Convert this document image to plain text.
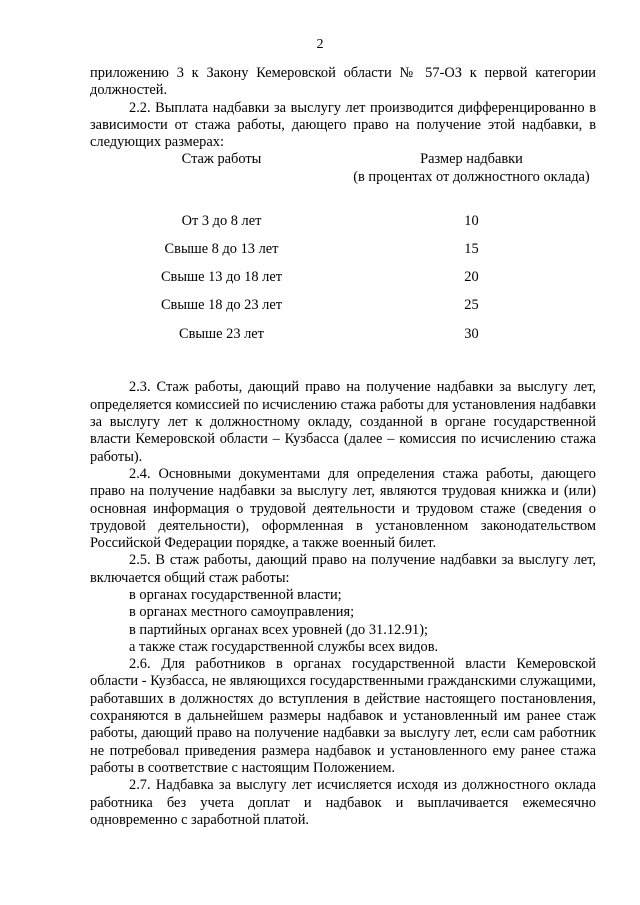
2

приложению 3 к Закону Кемеровской области № 57-ОЗ к первой категории должностей.

2.2. Выплата надбавки за выслугу лет производится дифференцированно в зависимости от стажа работы, дающего право на получение этой надбавки, в следующих размерах:

Стаж работы	Размер надбавки
(в процентах от должностного оклада)
От 3 до 8 лет	10
Свыше 8 до 13 лет	15
Свыше 13 до 18 лет	20
Свыше 18 до 23 лет	25
Свыше 23 лет	30

2.3. Стаж работы, дающий право на получение надбавки за выслугу лет, определяется комиссией по исчислению стажа работы для установления надбавки за выслугу лет к должностному окладу, созданной в органе государственной власти Кемеровской области – Кузбасса (далее – комиссия по исчислению стажа работы).

2.4. Основными документами для определения стажа работы, дающего право на получение надбавки за выслугу лет, являются трудовая книжка и (или) основная информация о трудовой деятельности и трудовом стаже (сведения о трудовой деятельности), оформленная в установленном законодательством Российской Федерации порядке, а также военный билет.

2.5. В стаж работы, дающий право на получение надбавки за выслугу лет, включается общий стаж работы:

в органах государственной власти;

в органах местного самоуправления;

в партийных органах всех уровней (до 31.12.91);

а также стаж государственной службы всех видов.

2.6. Для работников в органах государственной власти Кемеровской области - Кузбасса, не являющихся государственными гражданскими служащими, работавших в должностях до вступления в действие настоящего постановления, сохраняются в дальнейшем размеры надбавок и установленный им ранее стаж работы, дающий право на получение надбавки за выслугу лет, если сам работник не потребовал приведения размера надбавок и установленного ему ранее стажа работы в соответствие с настоящим Положением.

2.7. Надбавка за выслугу лет исчисляется исходя из должностного оклада работника без учета доплат и надбавок и выплачивается ежемесячно одновременно с заработной платой.
